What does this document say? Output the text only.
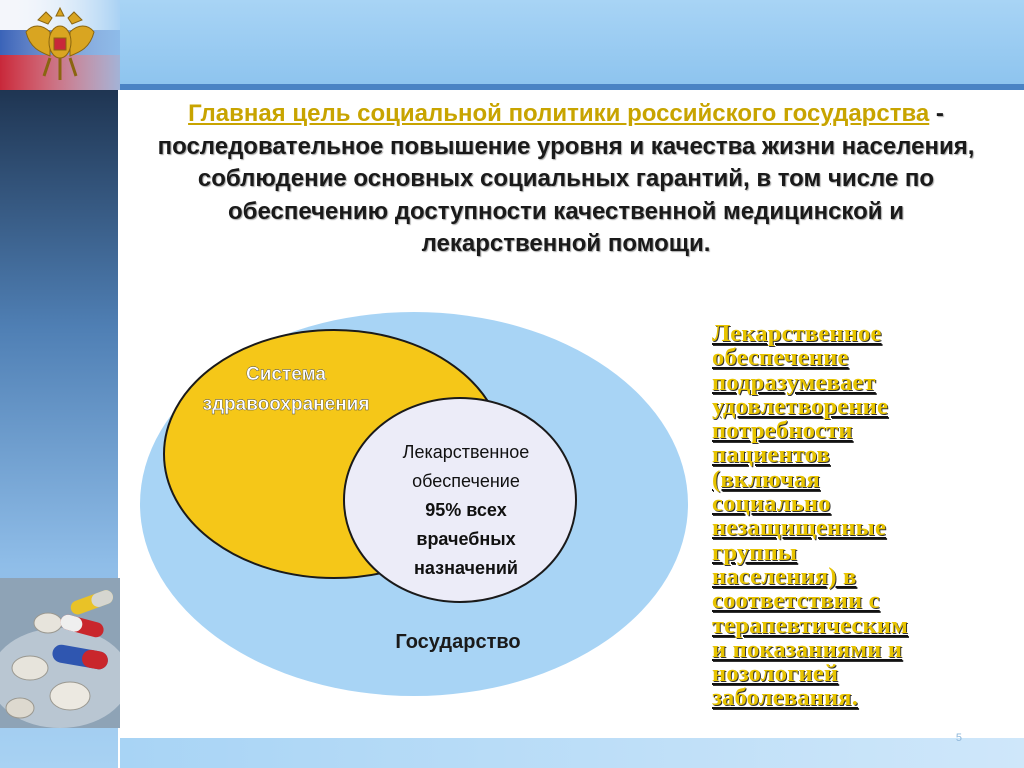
5
Главная цель социальной политики российского государства - последовательное повышение уровня и качества жизни населения, соблюдение основных социальных гарантий, в том числе по обеспечению доступности качественной медицинской и лекарственной помощи.
Система
здравоохранения
Лекарственное
обеспечение
95% всех
врачебных
назначений
Государство
Лекарственное
обеспечение
подразумевает
удовлетворение
потребности
пациентов
(включая
социально
незащищенные
группы
населения) в
соответствии с
терапевтическим
и показаниями и
нозологией
заболевания.
